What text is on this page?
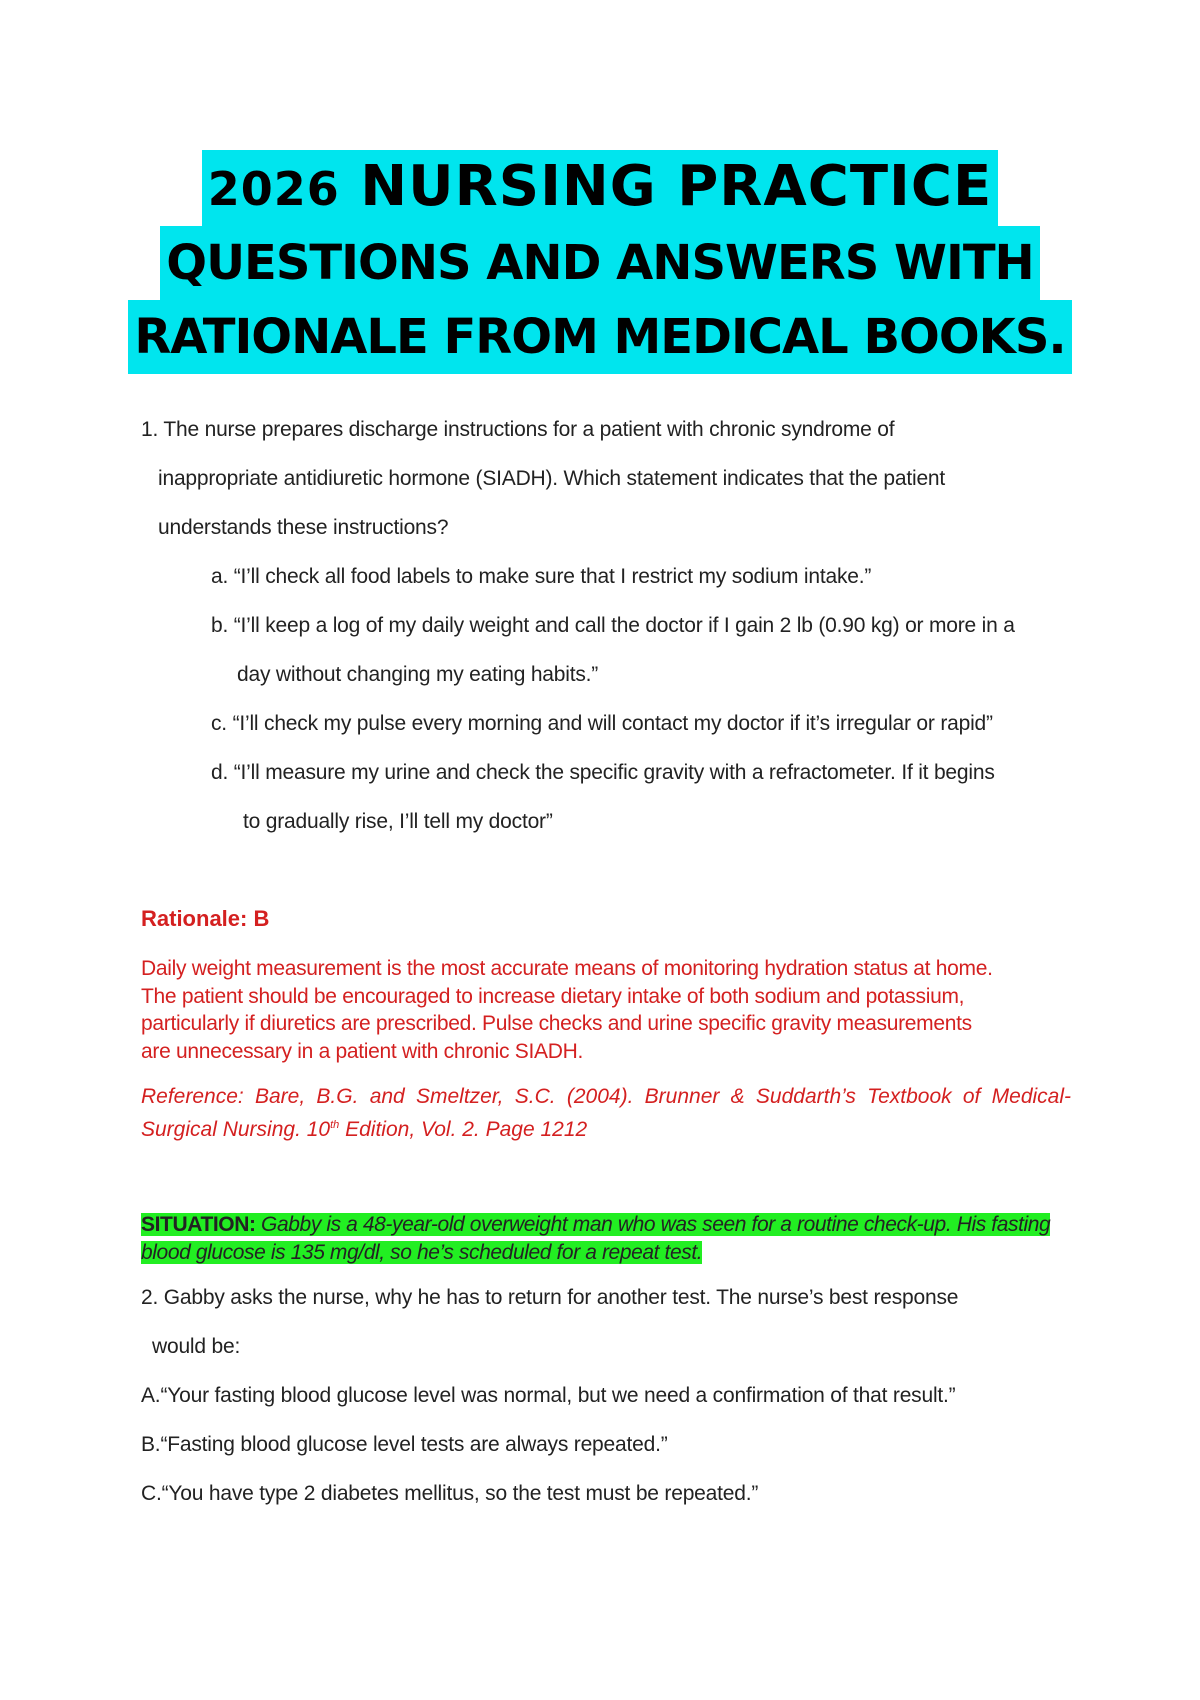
2026 NURSING PRACTICE
QUESTIONS AND ANSWERS WITH
RATIONALE FROM MEDICAL BOOKS.
1. The nurse prepares discharge instructions for a patient with chronic syndrome of
inappropriate antidiuretic hormone (SIADH). Which statement indicates that the patient
understands these instructions?
a. “I’ll check all food labels to make sure that I restrict my sodium intake.”
b. “I’ll keep a log of my daily weight and call the doctor if I gain 2 lb (0.90 kg) or more in a
day without changing my eating habits.”
c. “I’ll check my pulse every morning and will contact my doctor if it’s irregular or rapid”
d. “I’ll measure my urine and check the specific gravity with a refractometer. If it begins
to gradually rise, I’ll tell my doctor”
Rationale: B
Daily weight measurement is the most accurate means of monitoring hydration status at home.
The patient should be encouraged to increase dietary intake of both sodium and potassium,
particularly if diuretics are prescribed. Pulse checks and urine specific gravity measurements
are unnecessary in a patient with chronic SIADH.
Reference: Bare, B.G. and Smeltzer, S.C. (2004). Brunner & Suddarth’s Textbook of Medical-Surgical Nursing. 10th Edition, Vol. 2. Page 1212
SITUATION: Gabby is a 48-year-old overweight man who was seen for a routine check-up. His fasting blood glucose is 135 mg/dl, so he’s scheduled for a repeat test.
2. Gabby asks the nurse, why he has to return for another test. The nurse’s best response
would be:
A.“Your fasting blood glucose level was normal, but we need a confirmation of that result.”
B.“Fasting blood glucose level tests are always repeated.”
C.“You have type 2 diabetes mellitus, so the test must be repeated.”
